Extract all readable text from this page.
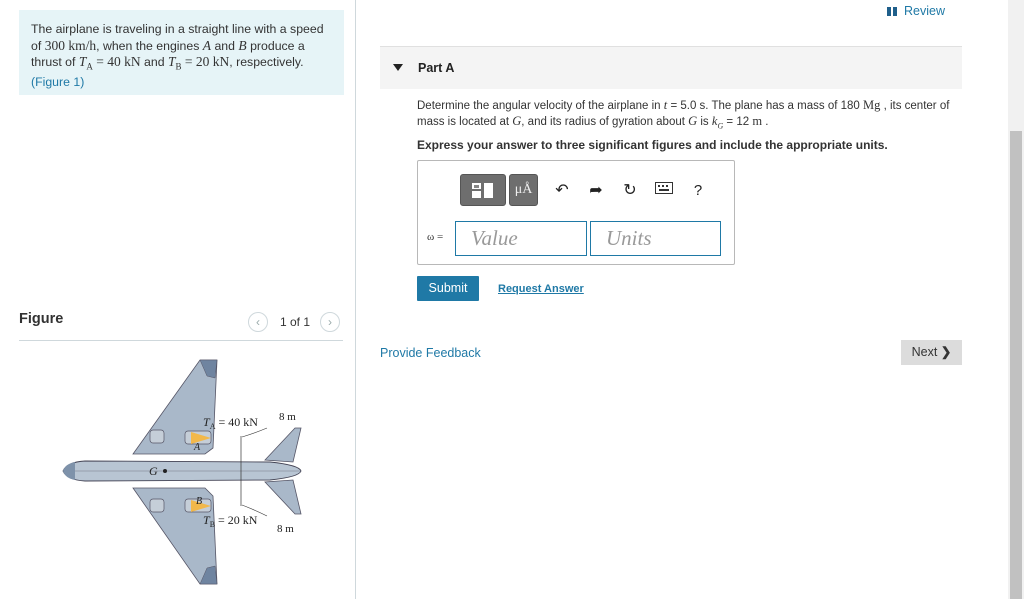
The airplane is traveling in a straight line with a speed of 300 km/h, when the engines A and B produce a thrust of $T_A = 40$ kN and $T_B = 20$ kN, respectively. (Figure 1)
Figure	‹	1 of 1	›
$T_A = 40$ kN 8 m
A
G
B
$T_B = 20$ kN
8 m
Review
Part A
Determine the angular velocity of the airplane in t = 5.0 s. The plane has a mass of 180 Mg , its center of mass is located at G, and its radius of gyration about G is $k_G = 12$ m .
Express your answer to three significant figures and include the appropriate units.
μÅ	↶ ➦ ↻	?
ω =	Value	Units
Submit	Request Answer
Provide Feedback	Next ❯
